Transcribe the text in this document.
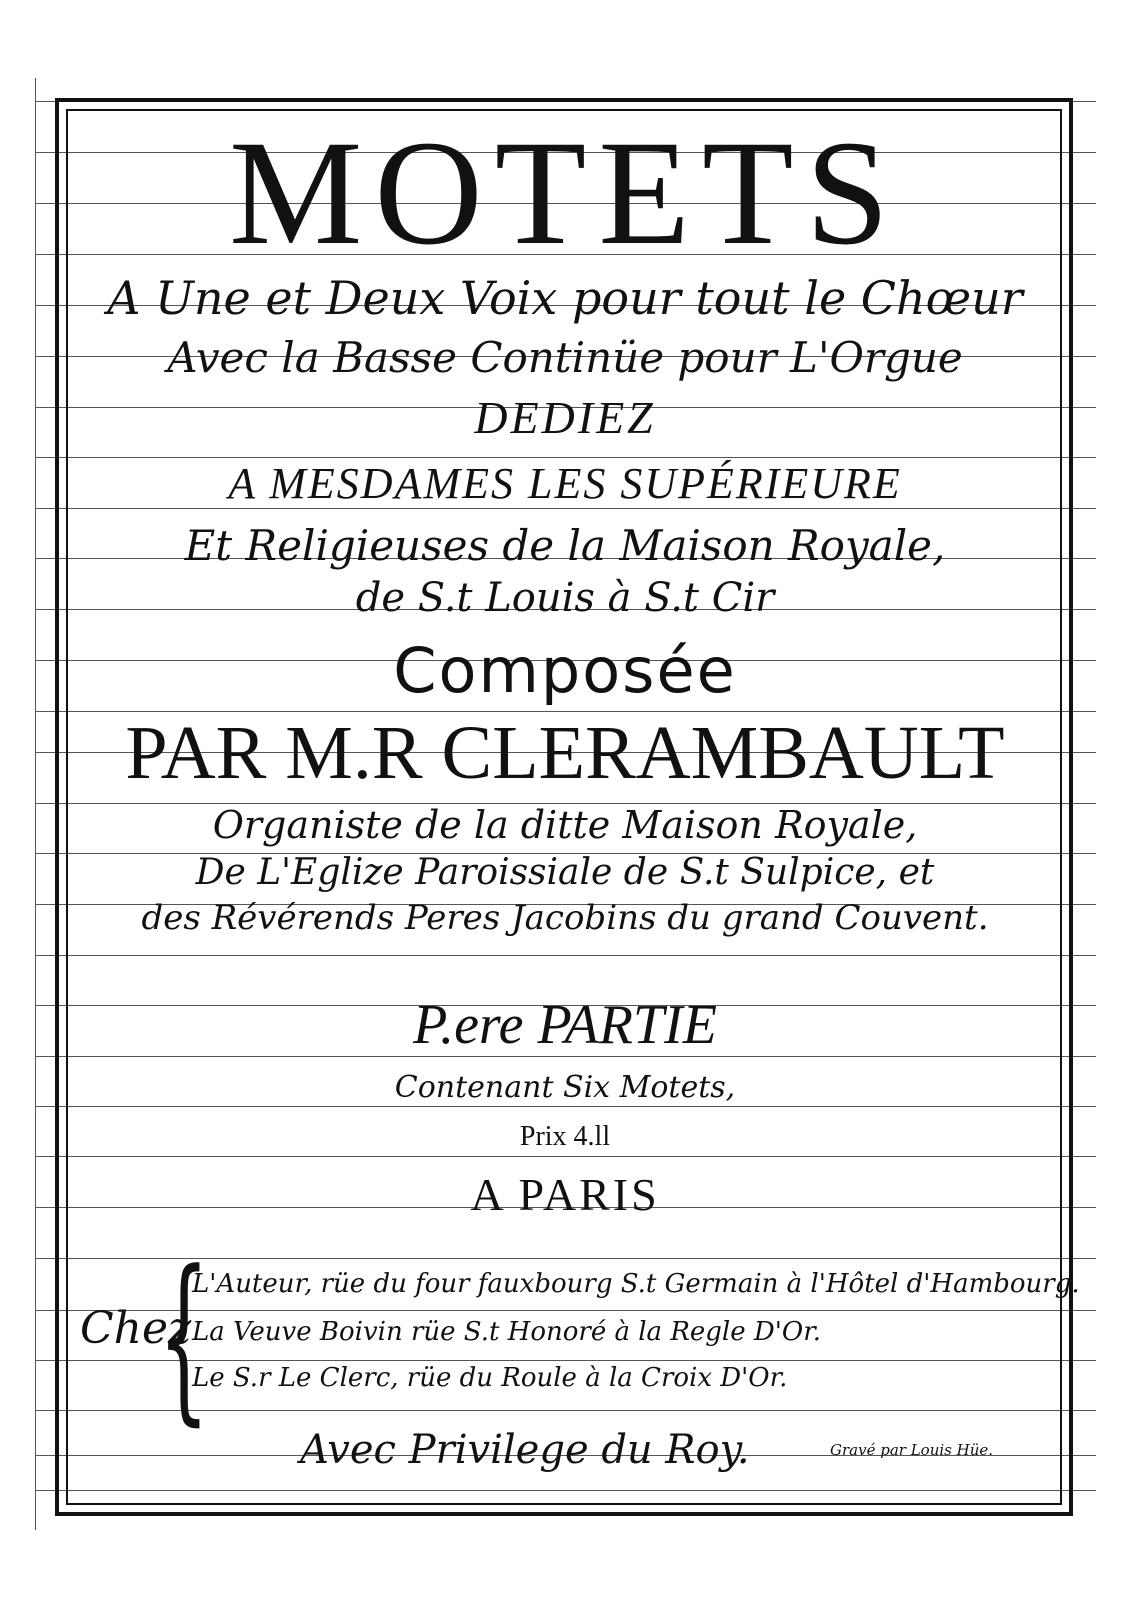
MOTETS
A Une et Deux Voix pour tout le Chœur
Avec la Basse Continüe pour L'Orgue
DEDIEZ
A MESDAMES LES SUPÉRIEURE
Et Religieuses de la Maison Royale,
de S.t Louis à S.t Cir
Composée
PAR M.R CLERAMBAULT
Organiste de la ditte Maison Royale,
De L'Eglize Paroissiale de S.t Sulpice, et
des Révérends Peres Jacobins du grand Couvent.
P.ere PARTIE
Contenant Six Motets,
Prix 4.ll
A PARIS
Chez
{
L'Auteur, rüe du four fauxbourg S.t Germain à l'Hôtel d'Hambourg.
La Veuve Boivin rüe S.t Honoré à la Regle D'Or.
Le S.r Le Clerc, rüe du Roule à la Croix D'Or.
Avec Privilege du Roy.	Gravé par Louis Hüe.
